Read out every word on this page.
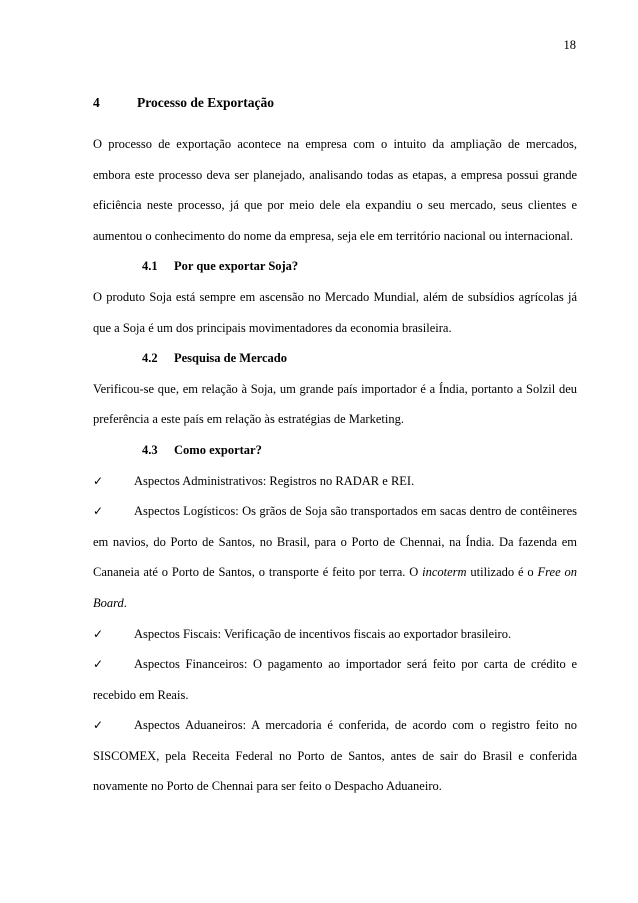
18
4	Processo de Exportação

O processo de exportação acontece na empresa com o intuito da ampliação de mercados, embora este processo deva ser planejado, analisando todas as etapas, a empresa possui grande eficiência neste processo, já que por meio dele ela expandiu o seu mercado, seus clientes e aumentou o conhecimento do nome da empresa, seja ele em território nacional ou internacional.

4.1 Por que exportar Soja?

O produto Soja está sempre em ascensão no Mercado Mundial, além de subsídios agrícolas já que a Soja é um dos principais movimentadores da economia brasileira.

4.2 Pesquisa de Mercado

Verificou-se que, em relação à Soja, um grande país importador é a Índia, portanto a Solzil deu preferência a este país em relação às estratégias de Marketing.

4.3 Como exportar?

✓ Aspectos Administrativos: Registros no RADAR e REI.

✓ Aspectos Logísticos: Os grãos de Soja são transportados em sacas dentro de contêineres em navios, do Porto de Santos, no Brasil, para o Porto de Chennai, na Índia. Da fazenda em Cananeia até o Porto de Santos, o transporte é feito por terra. O incoterm utilizado é o Free on Board.

✓ Aspectos Fiscais: Verificação de incentivos fiscais ao exportador brasileiro.

✓ Aspectos Financeiros: O pagamento ao importador será feito por carta de crédito e recebido em Reais.

✓ Aspectos Aduaneiros: A mercadoria é conferida, de acordo com o registro feito no SISCOMEX, pela Receita Federal no Porto de Santos, antes de sair do Brasil e conferida novamente no Porto de Chennai para ser feito o Despacho Aduaneiro.
